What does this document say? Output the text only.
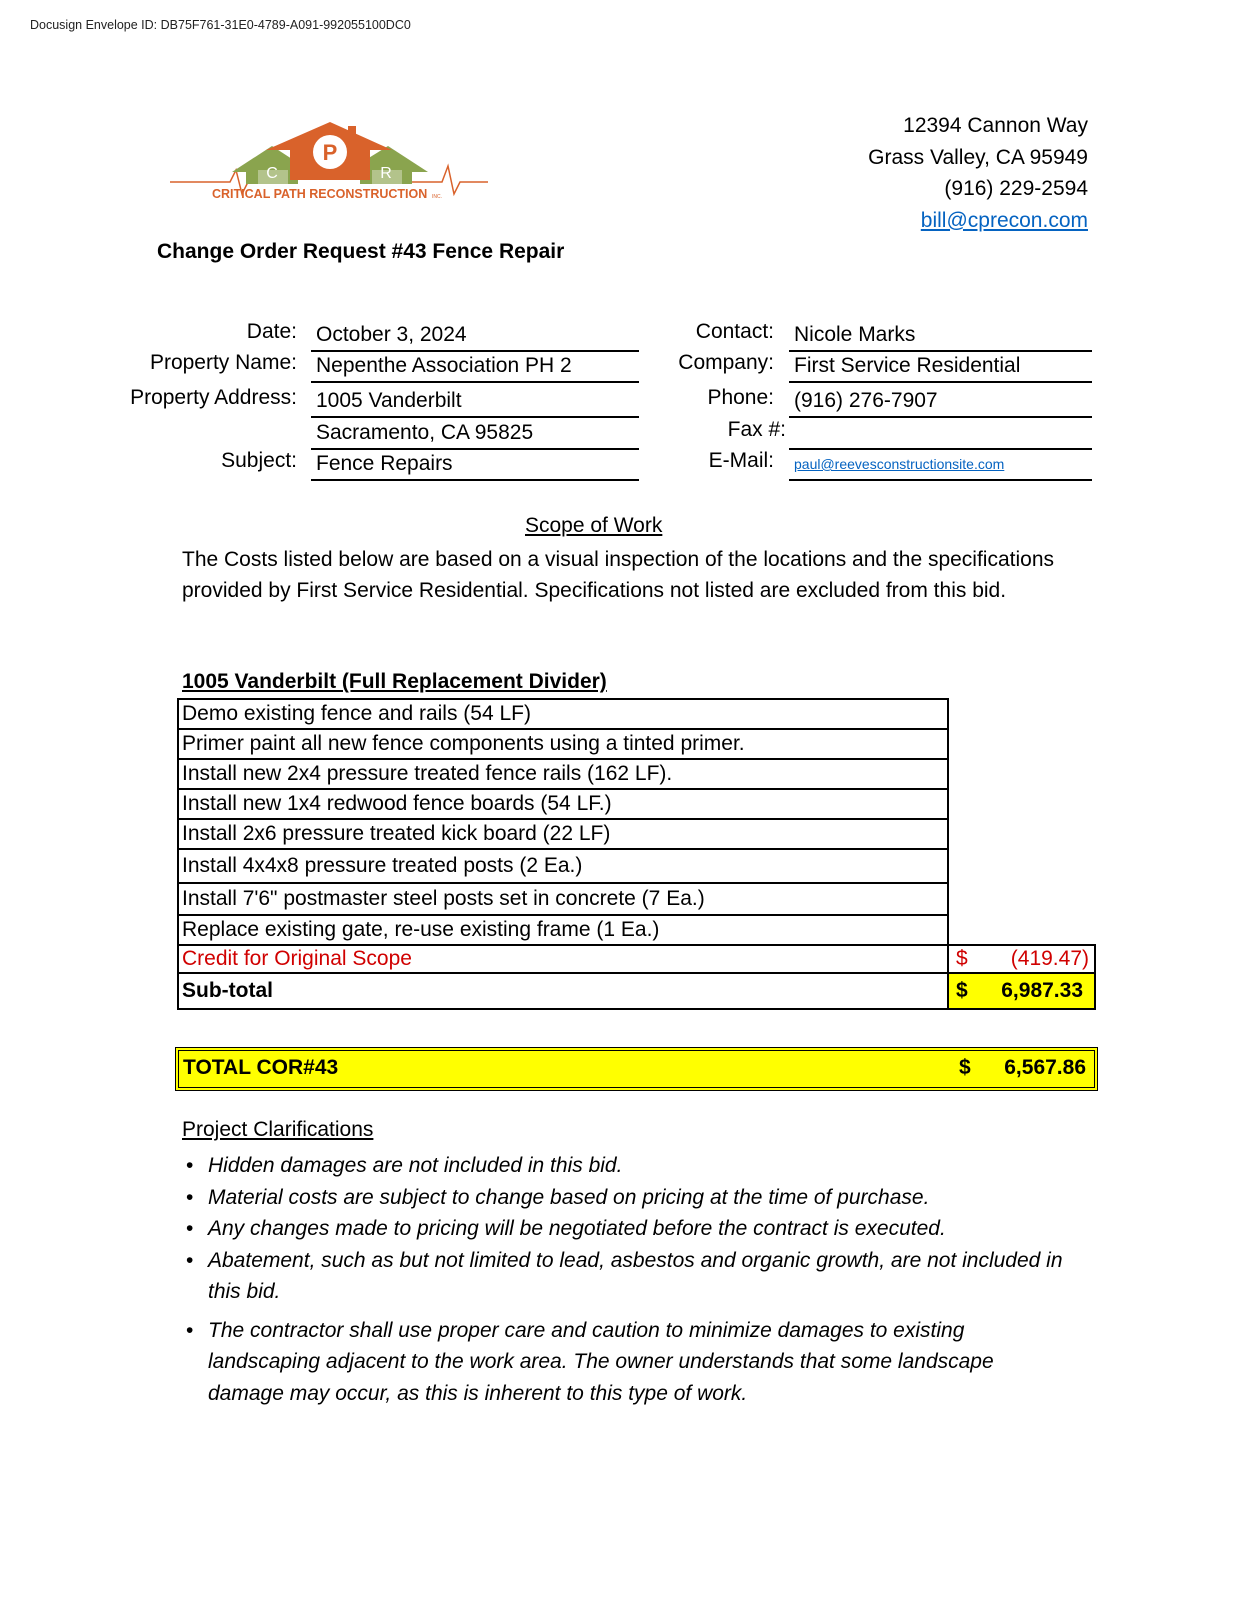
Docusign Envelope ID: DB75F761-31E0-4789-A091-992055100DC0
P
C	R
CRITICAL PATH RECONSTRUCTION INC.
12394 Cannon Way
Grass Valley, CA 95949
(916) 229-2594
bill@cprecon.com
Change Order Request #43 Fence Repair
Date: October 3, 2024
Property Name: Nepenthe Association PH 2
Property Address: 1005 Vanderbilt
Sacramento, CA 95825
Subject: Fence Repairs
Contact: Nicole Marks
Company: First Service Residential
Phone: (916) 276-7907
Fax #:
E-Mail:	paul@reevesconstructionsite.com
Scope of Work
The Costs listed below are based on a visual inspection of the locations and the specifications provided by First Service Residential. Specifications not listed are excluded from this bid.
1005 Vanderbilt (Full Replacement Divider)
Demo existing fence and rails (54 LF)	
Primer paint all new fence components using a tinted primer.	
Install new 2x4 pressure treated fence rails (162 LF).	
Install new 1x4 redwood fence boards (54 LF.)	
Install 2x6 pressure treated kick board (22 LF)	
Install 4x4x8 pressure treated posts (2 Ea.)	
Install 7'6" postmaster steel posts set in concrete (7 Ea.)	
Replace existing gate, re-use existing frame (1 Ea.)	
Credit for Original Scope	$ (419.47)

Sub-total	$ 6,987.33
TOTAL COR#43	$ 6,567.86
Project Clarifications
• Hidden damages are not included in this bid.
• Material costs are subject to change based on pricing at the time of purchase.
• Any changes made to pricing will be negotiated before the contract is executed.
• Abatement, such as but not limited to lead, asbestos and organic growth, are not included in this bid.
• The contractor shall use proper care and caution to minimize damages to existing landscaping adjacent to the work area. The owner understands that some landscape damage may occur, as this is inherent to this type of work.
